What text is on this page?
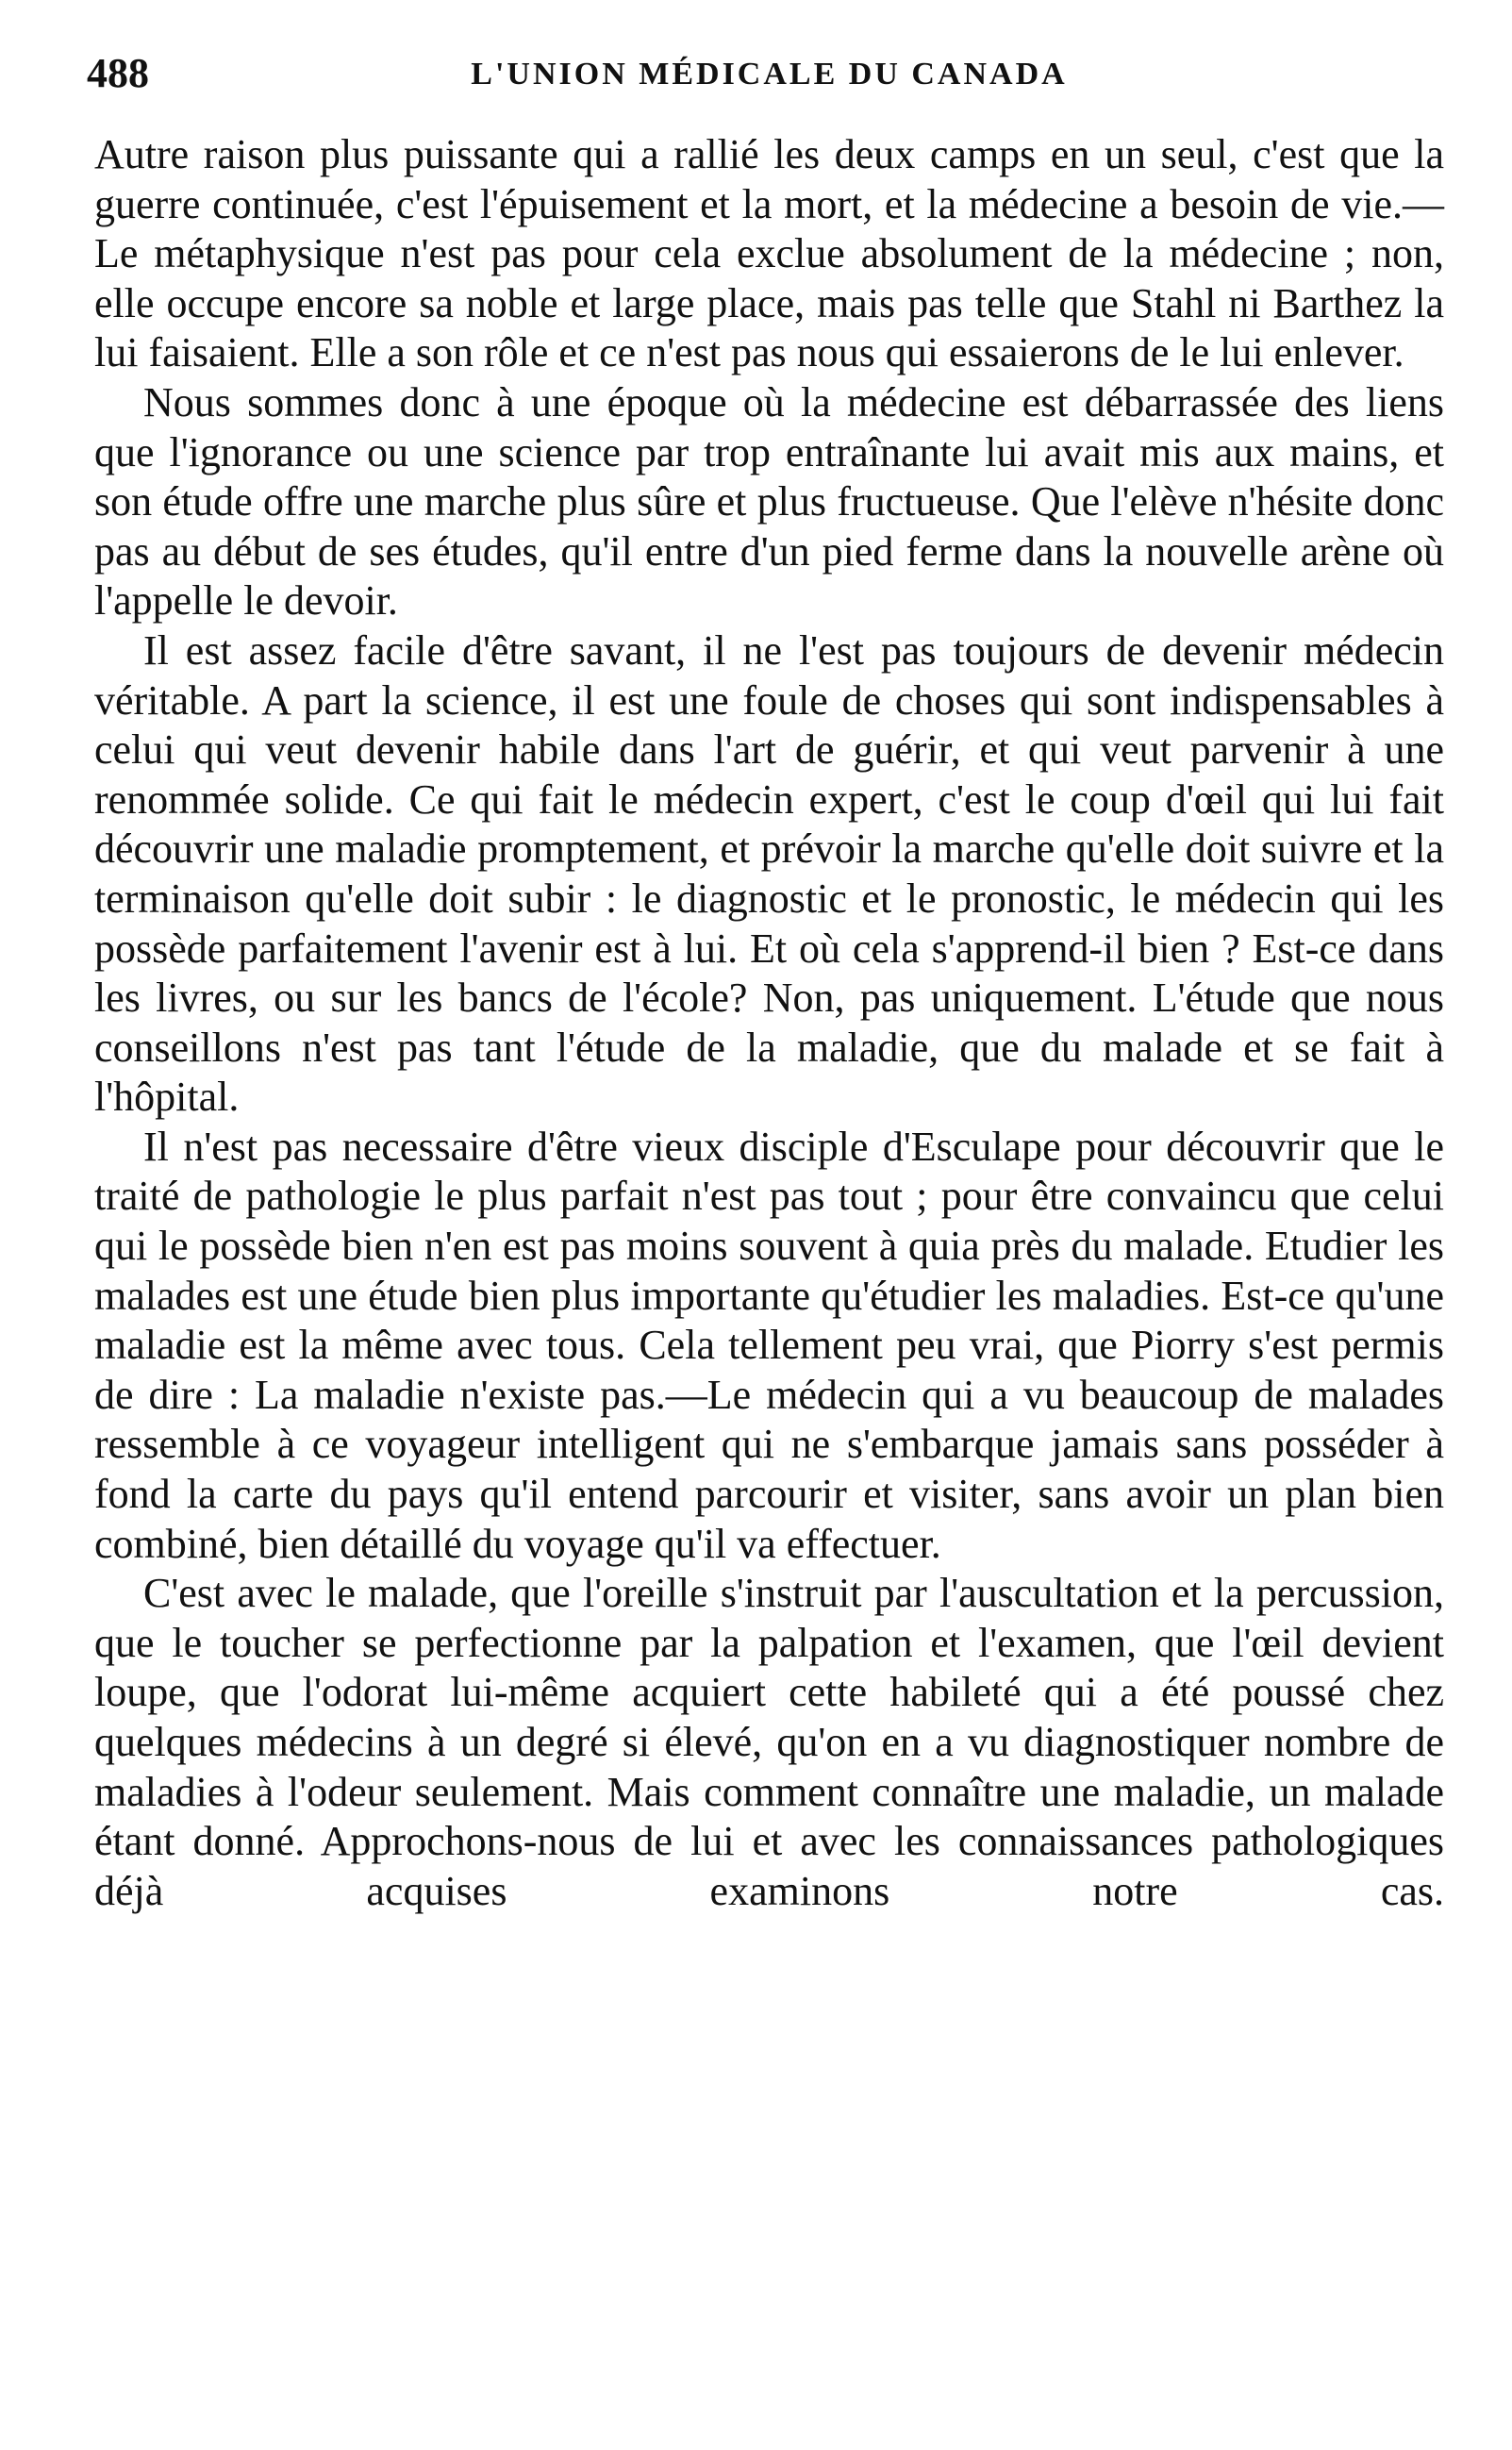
488	L'UNION MÉDICALE DU CANADA

Autre raison plus puissante qui a rallié les deux camps en un seul, c'est que la guerre continuée, c'est l'épuisement et la mort, et la médecine a besoin de vie.—Le métaphysique n'est pas pour cela exclue absolument de la médecine ; non, elle occupe encore sa noble et large place, mais pas telle que Stahl ni Barthez la lui faisaient. Elle a son rôle et ce n'est pas nous qui essaierons de le lui enlever.

Nous sommes donc à une époque où la médecine est débarrassée des liens que l'ignorance ou une science par trop entraînante lui avait mis aux mains, et son étude offre une marche plus sûre et plus fructueuse. Que l'elève n'hésite donc pas au début de ses études, qu'il entre d'un pied ferme dans la nouvelle arène où l'appelle le devoir.

Il est assez facile d'être savant, il ne l'est pas toujours de devenir médecin véritable. A part la science, il est une foule de choses qui sont indispensables à celui qui veut devenir habile dans l'art de guérir, et qui veut parvenir à une renommée solide. Ce qui fait le médecin expert, c'est le coup d'œil qui lui fait découvrir une maladie promptement, et prévoir la marche qu'elle doit suivre et la terminaison qu'elle doit subir : le diagnostic et le pronostic, le médecin qui les possède parfaitement l'avenir est à lui. Et où cela s'apprend-il bien ? Est-ce dans les livres, ou sur les bancs de l'école? Non, pas uniquement. L'étude que nous conseillons n'est pas tant l'étude de la maladie, que du malade et se fait à l'hôpital.

Il n'est pas necessaire d'être vieux disciple d'Esculape pour découvrir que le traité de pathologie le plus parfait n'est pas tout ; pour être convaincu que celui qui le possède bien n'en est pas moins souvent à quia près du malade. Etudier les malades est une étude bien plus importante qu'étudier les maladies. Est-ce qu'une maladie est la même avec tous. Cela tellement peu vrai, que Piorry s'est permis de dire : La maladie n'existe pas.—Le médecin qui a vu beaucoup de malades ressemble à ce voyageur intelligent qui ne s'embarque jamais sans posséder à fond la carte du pays qu'il entend parcourir et visiter, sans avoir un plan bien combiné, bien détaillé du voyage qu'il va effectuer.

C'est avec le malade, que l'oreille s'instruit par l'auscultation et la percussion, que le toucher se perfectionne par la palpation et l'examen, que l'œil devient loupe, que l'odorat lui-même acquiert cette habileté qui a été poussé chez quelques médecins à un degré si élevé, qu'on en a vu diagnostiquer nombre de maladies à l'odeur seulement. Mais comment connaître une maladie, un malade étant donné. Approchons-nous de lui et avec les connaissances pathologiques déjà acquises examinons notre cas.
